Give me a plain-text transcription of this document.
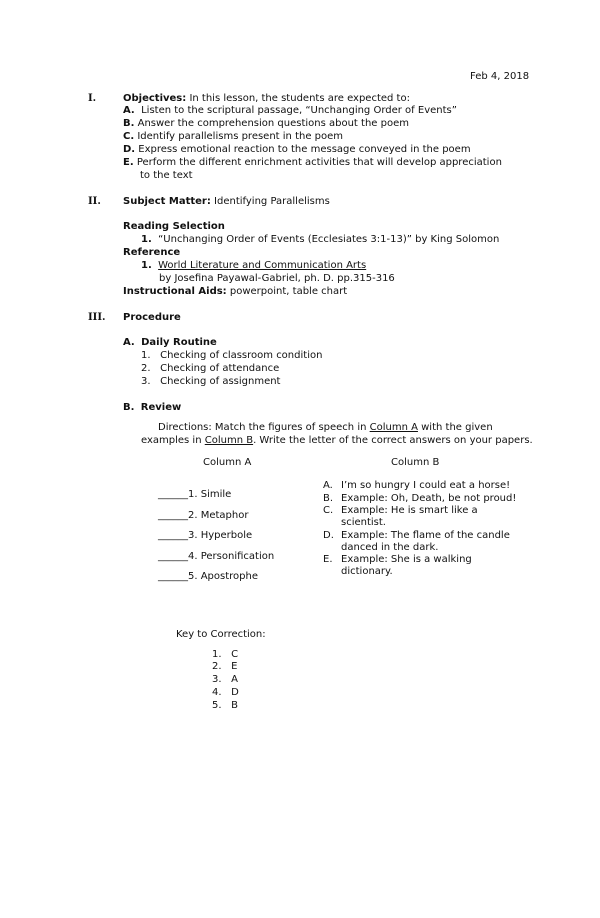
Feb 4, 2018
I.	Objectives: In this lesson, the students are expected to:
A. Listen to the scriptural passage, “Unchanging Order of Events”
B. Answer the comprehension questions about the poem
C. Identify parallelisms present in the poem
D. Express emotional reaction to the message conveyed in the poem
E. Perform the different enrichment activities that will develop appreciation
to the text
II. Subject Matter: Identifying Parallelisms
Reading Selection
1. “Unchanging Order of Events (Ecclesiates 3:1-13)” by King Solomon
Reference
1. World Literature and Communication Arts
by Josefina Payawal-Gabriel, ph. D. pp.315-316
Instructional Aids: powerpoint, table chart
III. Procedure
A. Daily Routine
1. Checking of classroom condition
2. Checking of attendance
3. Checking of assignment
B. Review
Directions: Match the figures of speech in Column A with the given
examples in Column B. Write the letter of the correct answers on your papers.
Column A	Column B
______1. Simile
______2. Metaphor
______3. Hyperbole
______4. Personification
______5. Apostrophe
A. I’m so hungry I could eat a horse!
B. Example: Oh, Death, be not proud!
C. Example: He is smart like a
scientist.
D. Example: The flame of the candle
danced in the dark.
E. Example: She is a walking
dictionary.
Key to Correction:
1. C
2. E
3. A
4. D
5. B
